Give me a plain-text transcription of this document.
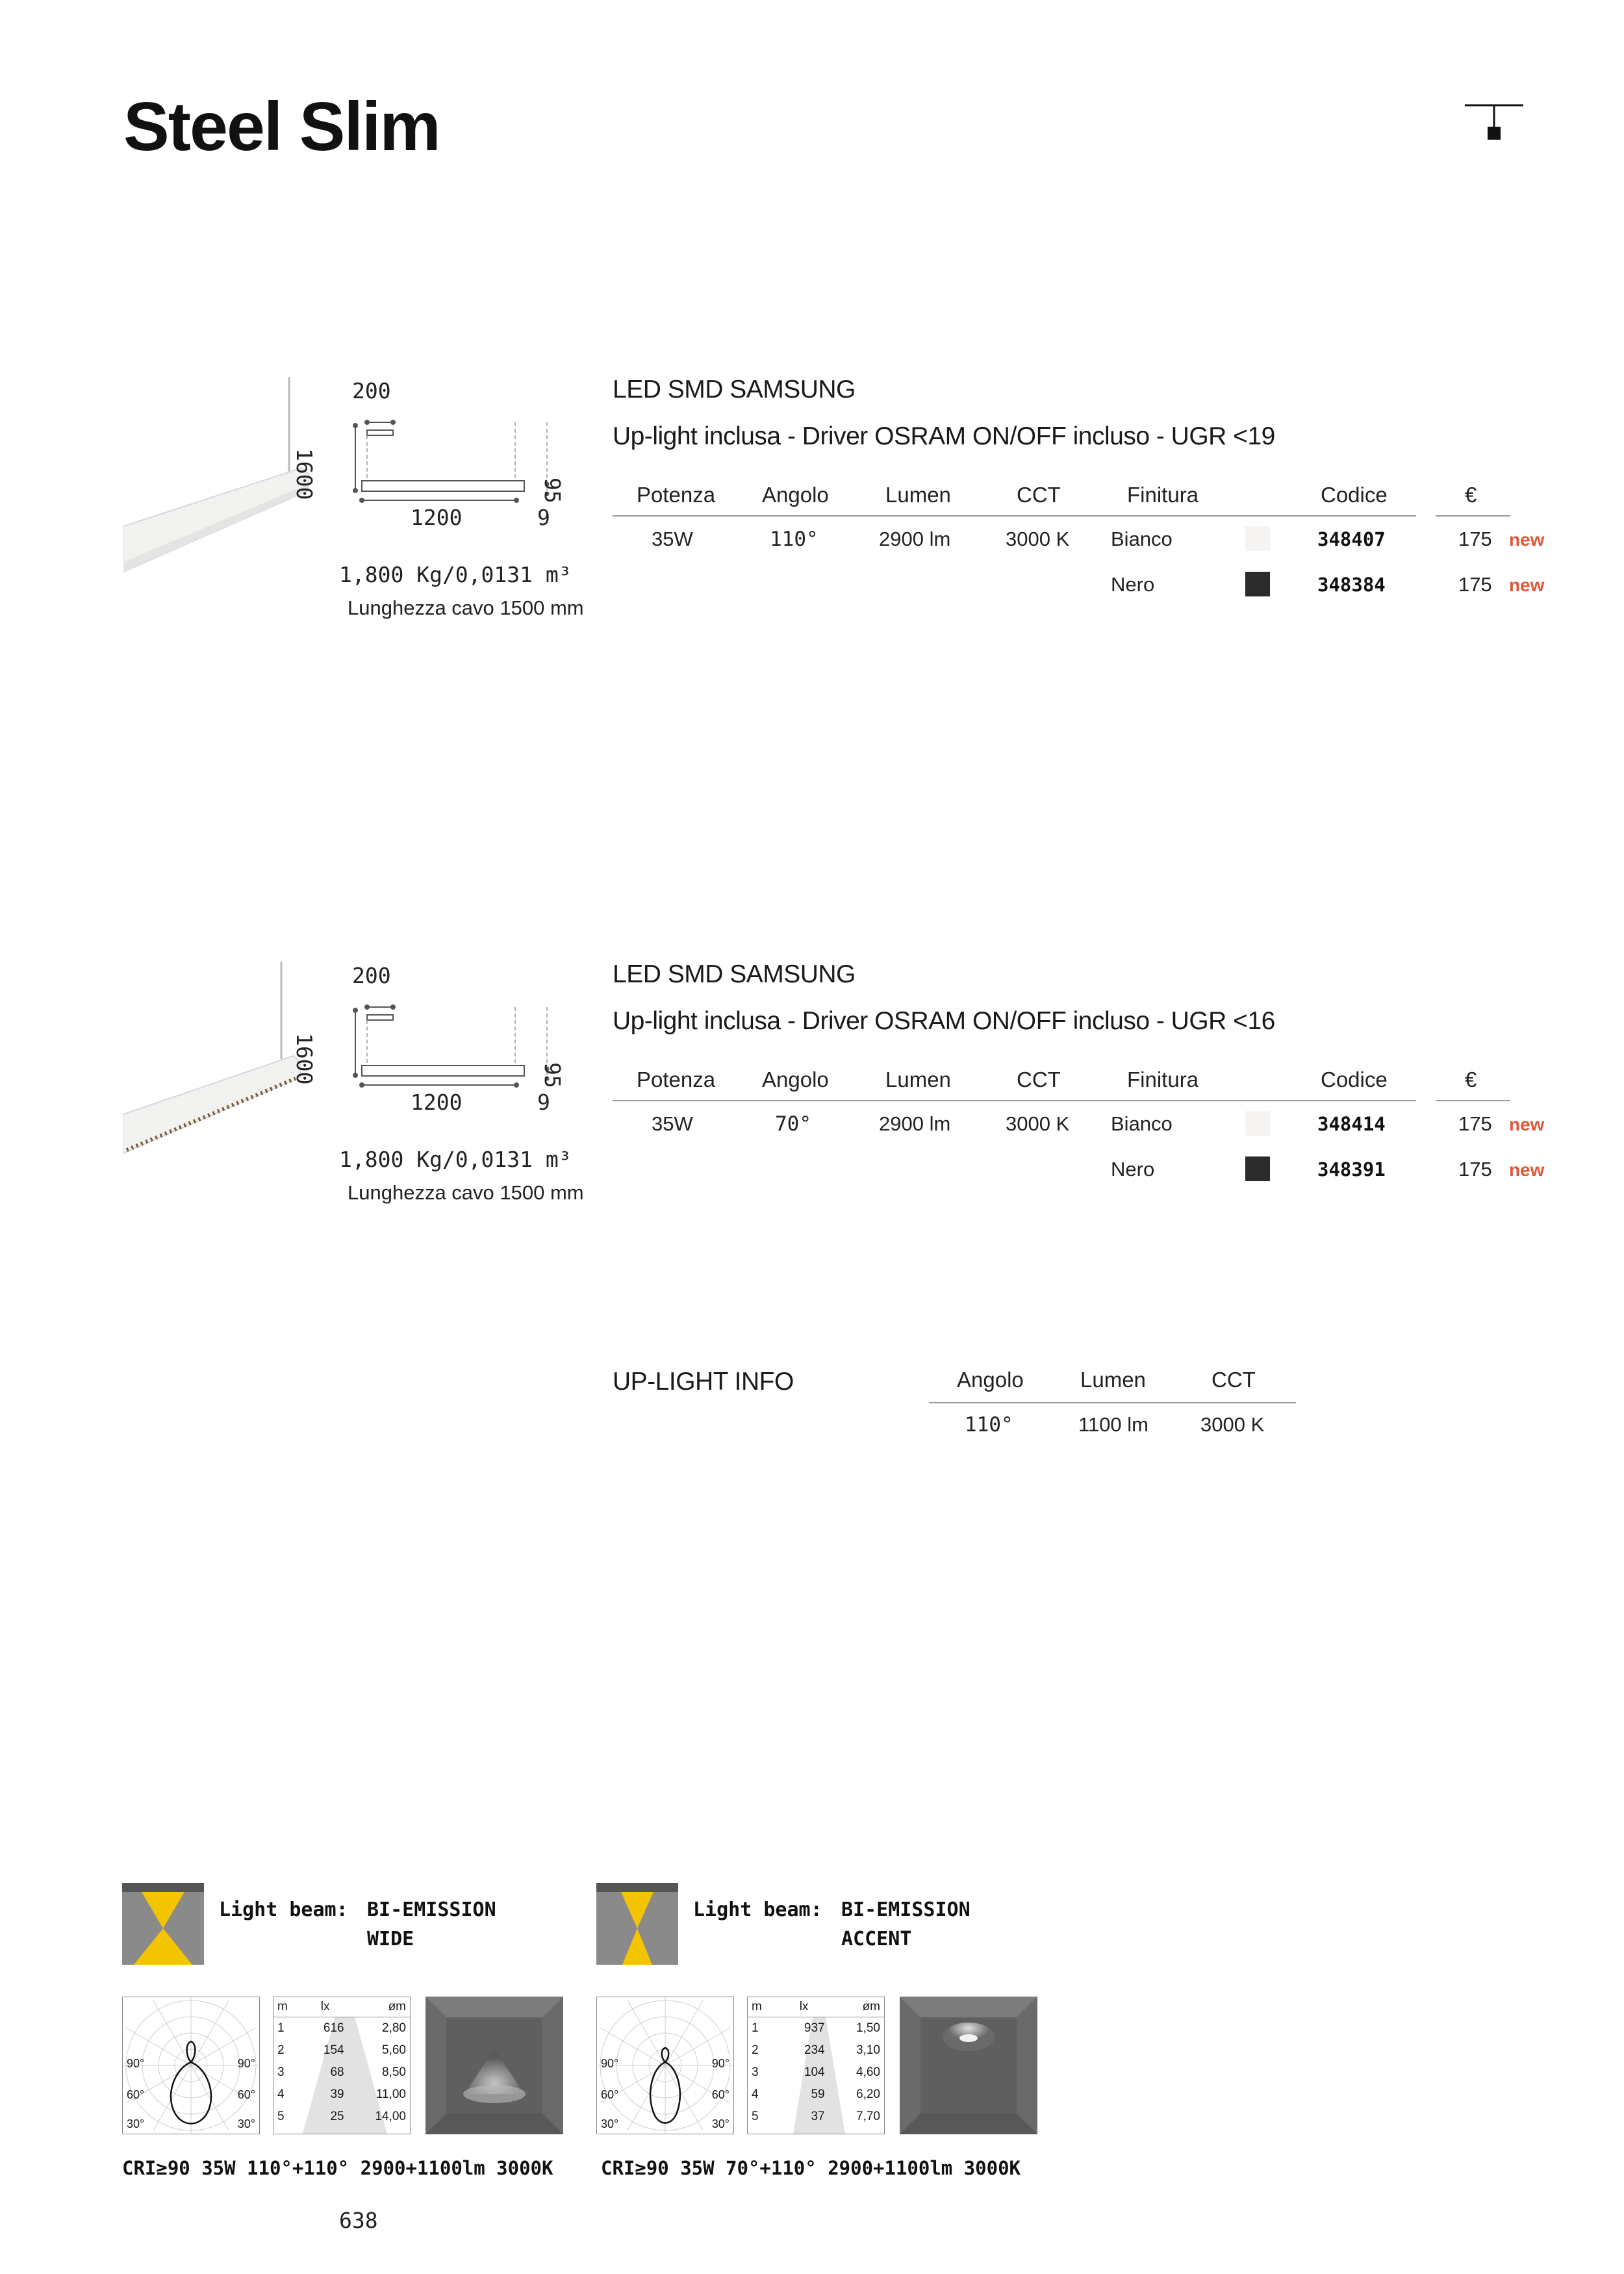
Steel Slim
200
1600	95
1200	9
1,800 Kg/0,0131 m³
Lunghezza cavo 1500 mm
LED SMD SAMSUNG
Up-light inclusa - Driver OSRAM ON/OFF incluso - UGR <19
Potenza Angolo	Lumen	CCT	Finitura	Codice	€
35W	110°	2900 lm	3000 K Bianco	348407	175 new
Nero	348384	175 new
200
1600	95
1200	9
1,800 Kg/0,0131 m³
Lunghezza cavo 1500 mm
LED SMD SAMSUNG
Up-light inclusa - Driver OSRAM ON/OFF incluso - UGR <16
Potenza Angolo	Lumen	CCT	Finitura	Codice	€
35W	70°	2900 lm	3000 K Bianco	348414	175 new
Nero	348391	175 new
UP-LIGHT INFO	Angolo	Lumen	CCT
110°	1100 lm	3000 K
Light beam: BI-EMISSION
WIDE
90°	90°
60°	60°
30°	30°
m	lx	øm
1	616	2,80
2	154	5,60
3	68	8,50
4	39	11,00
5	25	14,00
CRI≥90 35W 110°+110° 2900+1100lm 3000K
Light beam: BI-EMISSION
ACCENT
90°	90°
60°	60°
30°	30°
m	lx	øm
1	937	1,50
2	234	3,10
3	104	4,60
4	59	6,20
5	37	7,70
CRI≥90 35W 70°+110° 2900+1100lm 3000K
638
